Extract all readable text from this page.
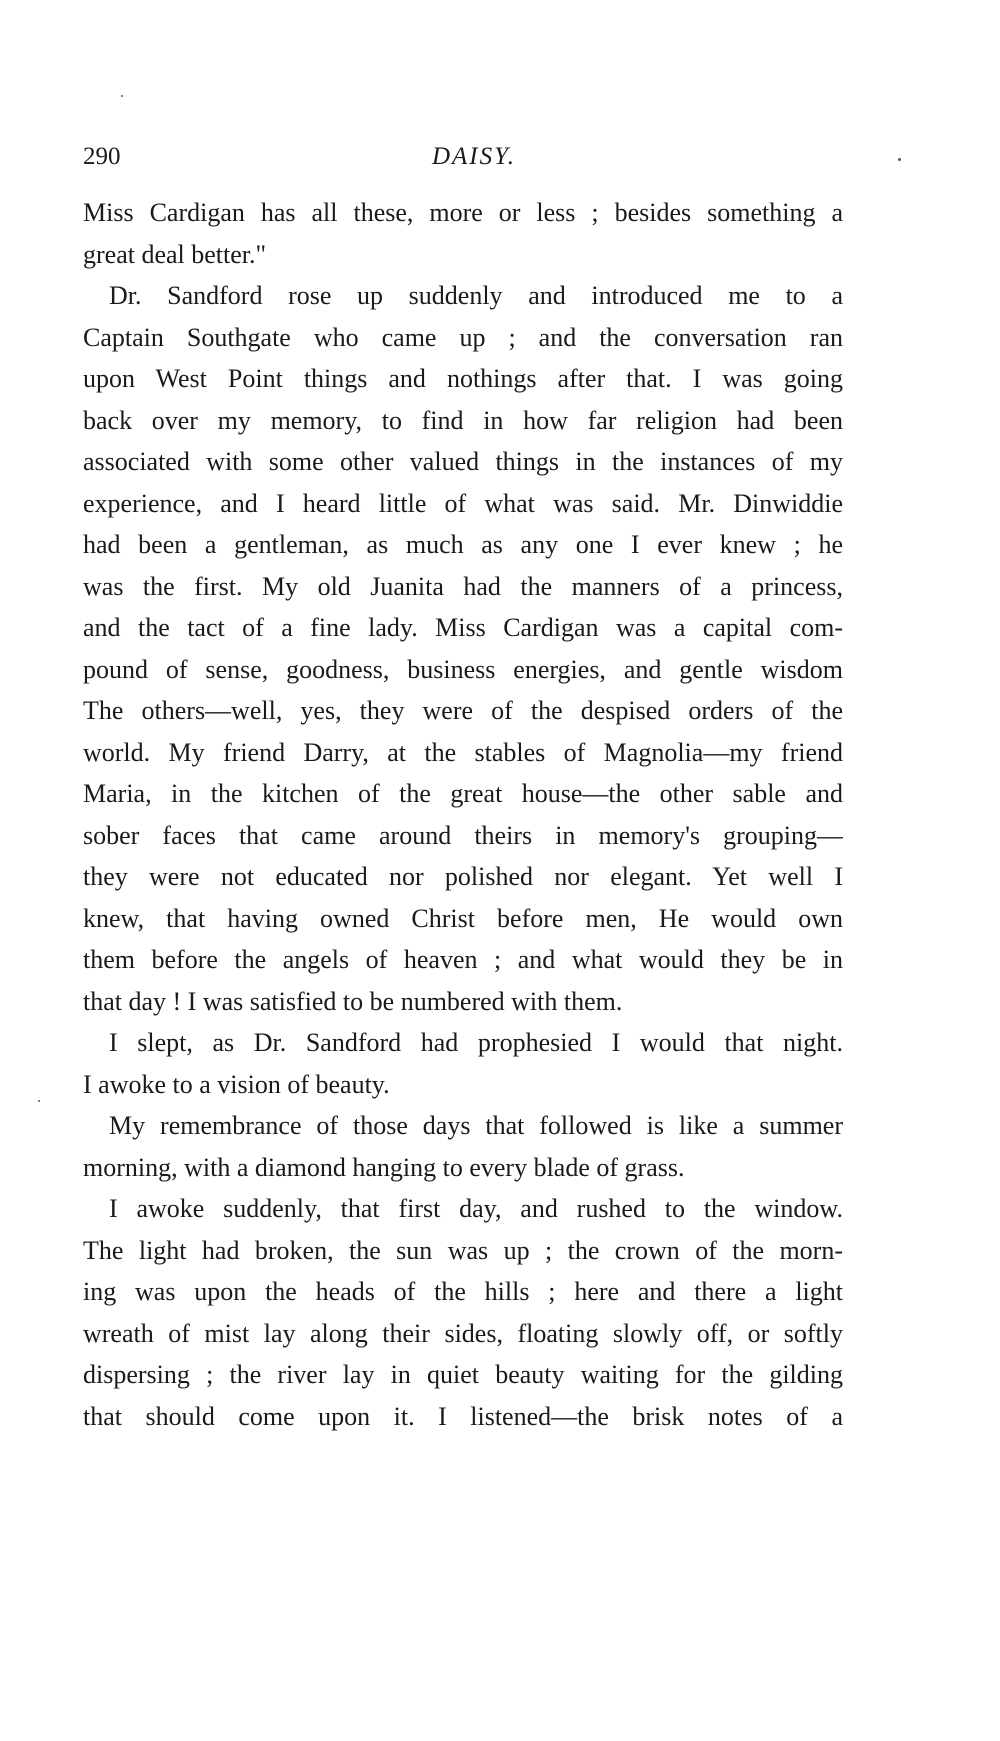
290	DAISY.
Miss Cardigan has all these, more or less ; besides something a
great deal better."
Dr. Sandford rose up suddenly and introduced me to a
Captain Southgate who came up ; and the conversation ran
upon West Point things and nothings after that. I was going
back over my memory, to find in how far religion had been
associated with some other valued things in the instances of my
experience, and I heard little of what was said. Mr. Dinwiddie
had been a gentleman, as much as any one I ever knew ; he
was the first. My old Juanita had the manners of a princess,
and the tact of a fine lady. Miss Cardigan was a capital com-
pound of sense, goodness, business energies, and gentle wisdom
The others—well, yes, they were of the despised orders of the
world. My friend Darry, at the stables of Magnolia—my friend
Maria, in the kitchen of the great house—the other sable and
sober faces that came around theirs in memory's grouping—
they were not educated nor polished nor elegant. Yet well I
knew, that having owned Christ before men, He would own
them before the angels of heaven ; and what would they be in
that day ! I was satisfied to be numbered with them.
I slept, as Dr. Sandford had prophesied I would that night.
I awoke to a vision of beauty.
My remembrance of those days that followed is like a summer
morning, with a diamond hanging to every blade of grass.
I awoke suddenly, that first day, and rushed to the window.
The light had broken, the sun was up ; the crown of the morn-
ing was upon the heads of the hills ; here and there a light
wreath of mist lay along their sides, floating slowly off, or softly
dispersing ; the river lay in quiet beauty waiting for the gilding
that should come upon it. I listened—the brisk notes of a
